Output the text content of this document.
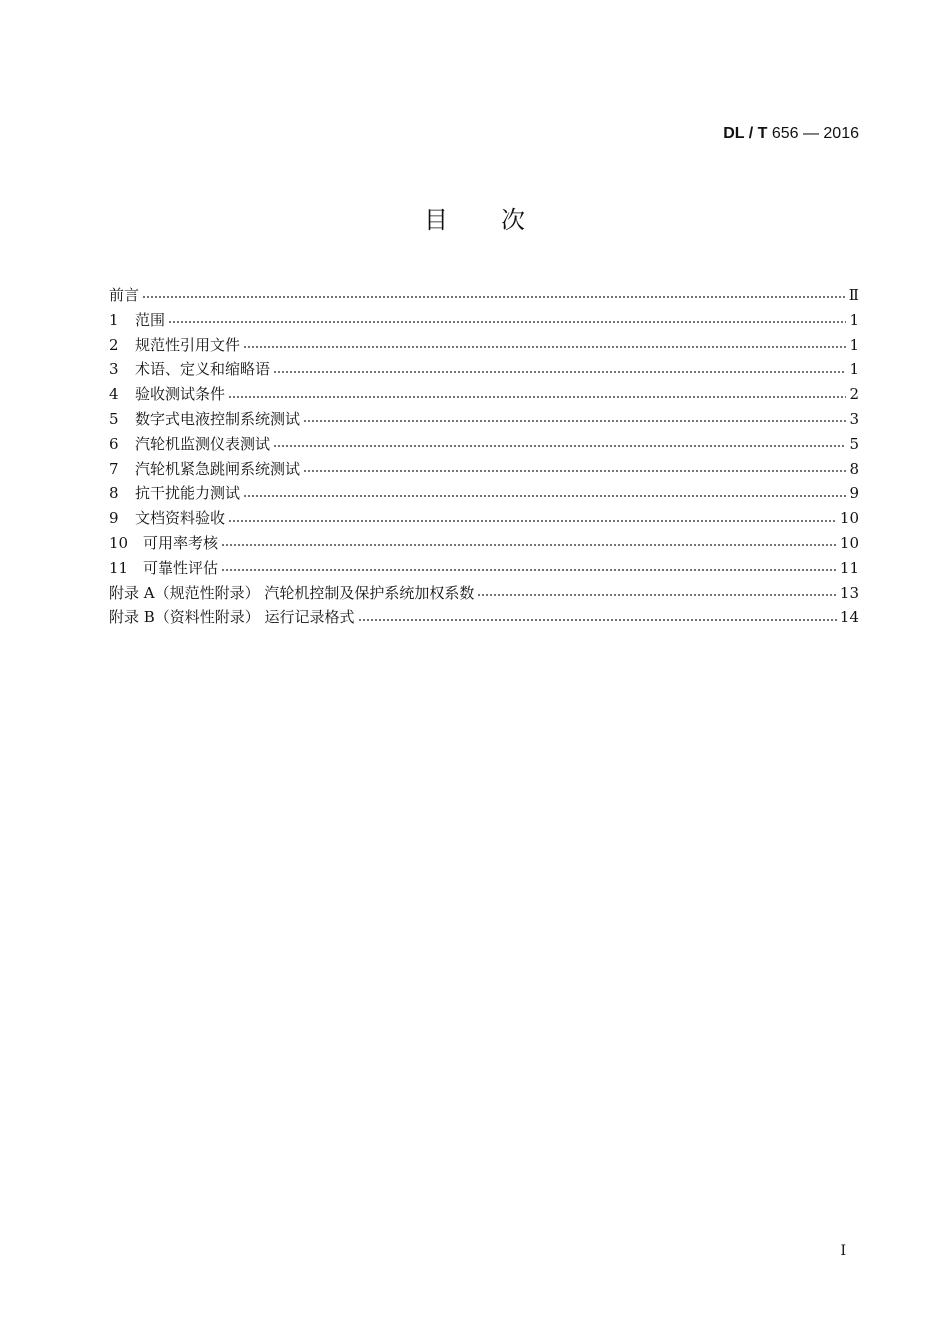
DL / T 656 — 2016
目 次
前言	Ⅱ
1	范围	1
2	规范性引用文件	1
3	术语、定义和缩略语	1
4	验收测试条件	2
5	数字式电液控制系统测试	3
6	汽轮机监测仪表测试	5
7	汽轮机紧急跳闸系统测试	8
8	抗干扰能力测试	9
9	文档资料验收	10
10 可用率考核	10
11 可靠性评估	11
附录 A（规范性附录） 汽轮机控制及保护系统加权系数	13
附录 B（资料性附录） 运行记录格式	14
I
